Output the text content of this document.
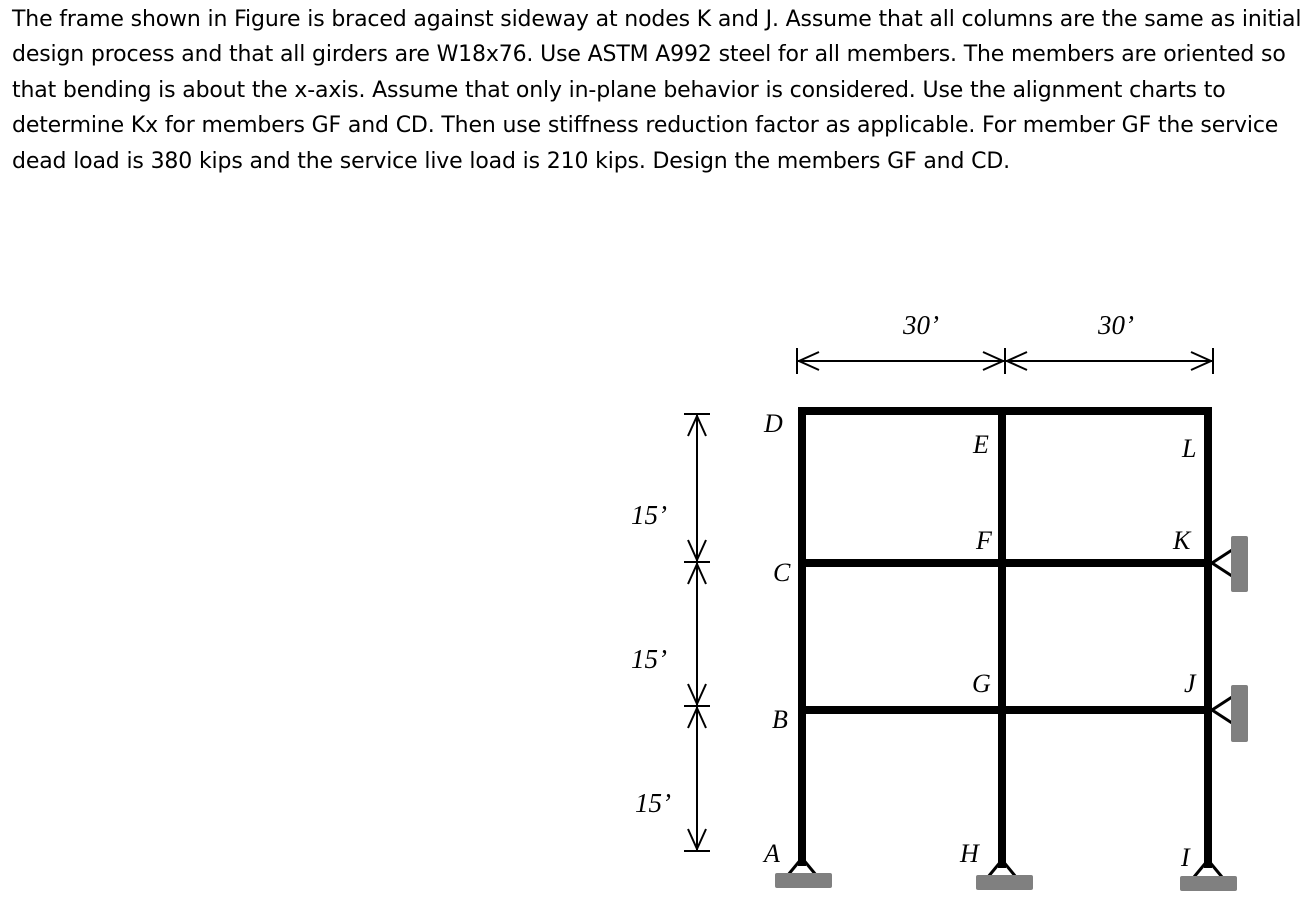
The frame shown in Figure is braced against sideway at nodes K and J. Assume that all columns are the same as initial design process and that all girders are W18x76. Use ASTM A992 steel for all members. The members are oriented so that bending is about the x-axis. Assume that only in-plane behavior is considered. Use the alignment charts to determine Kx for members GF and CD. Then use stiffness reduction factor as applicable. For member GF the service dead load is 380 kips and the service live load is 210 kips. Design the members GF and CD.
30’	30’
15’
15’
15’
D
C
B
A
E
F
G
H
L
K
J
I
